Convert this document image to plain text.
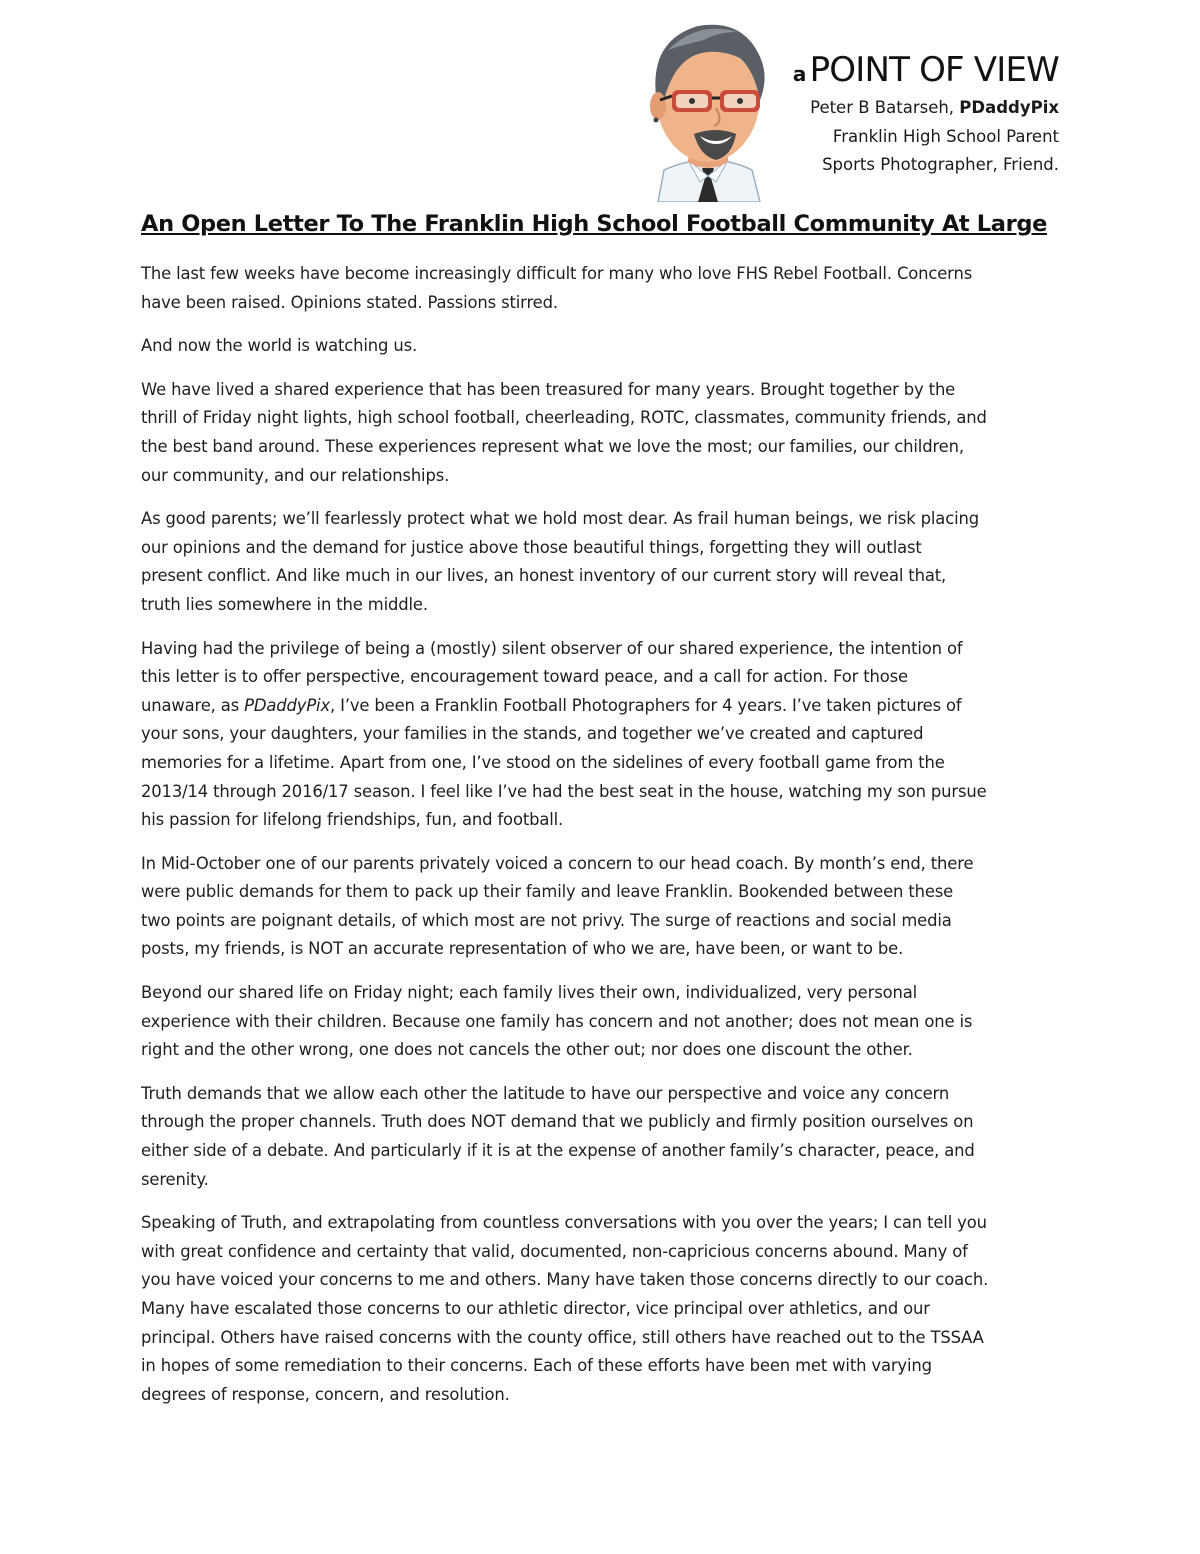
a POINT OF VIEW
Peter B Batarseh, PDaddyPix
Franklin High School Parent
Sports Photographer, Friend.
An Open Letter To The Franklin High School Football Community At Large

The last few weeks have become increasingly difficult for many who love FHS Rebel Football. Concerns
have been raised. Opinions stated. Passions stirred.

And now the world is watching us.

We have lived a shared experience that has been treasured for many years. Brought together by the
thrill of Friday night lights, high school football, cheerleading, ROTC, classmates, community friends, and
the best band around. These experiences represent what we love the most; our families, our children,
our community, and our relationships.

As good parents; we’ll fearlessly protect what we hold most dear. As frail human beings, we risk placing
our opinions and the demand for justice above those beautiful things, forgetting they will outlast
present conflict. And like much in our lives, an honest inventory of our current story will reveal that,
truth lies somewhere in the middle.

Having had the privilege of being a (mostly) silent observer of our shared experience, the intention of
this letter is to offer perspective, encouragement toward peace, and a call for action. For those
unaware, as PDaddyPix, I’ve been a Franklin Football Photographers for 4 years. I’ve taken pictures of
your sons, your daughters, your families in the stands, and together we’ve created and captured
memories for a lifetime. Apart from one, I’ve stood on the sidelines of every football game from the
2013/14 through 2016/17 season. I feel like I’ve had the best seat in the house, watching my son pursue
his passion for lifelong friendships, fun, and football.

In Mid-October one of our parents privately voiced a concern to our head coach. By month’s end, there
were public demands for them to pack up their family and leave Franklin. Bookended between these
two points are poignant details, of which most are not privy. The surge of reactions and social media
posts, my friends, is NOT an accurate representation of who we are, have been, or want to be.

Beyond our shared life on Friday night; each family lives their own, individualized, very personal
experience with their children. Because one family has concern and not another; does not mean one is
right and the other wrong, one does not cancels the other out; nor does one discount the other.

Truth demands that we allow each other the latitude to have our perspective and voice any concern
through the proper channels. Truth does NOT demand that we publicly and firmly position ourselves on
either side of a debate. And particularly if it is at the expense of another family’s character, peace, and
serenity.

Speaking of Truth, and extrapolating from countless conversations with you over the years; I can tell you
with great confidence and certainty that valid, documented, non-capricious concerns abound. Many of
you have voiced your concerns to me and others. Many have taken those concerns directly to our coach.
Many have escalated those concerns to our athletic director, vice principal over athletics, and our
principal. Others have raised concerns with the county office, still others have reached out to the TSSAA
in hopes of some remediation to their concerns. Each of these efforts have been met with varying
degrees of response, concern, and resolution.
